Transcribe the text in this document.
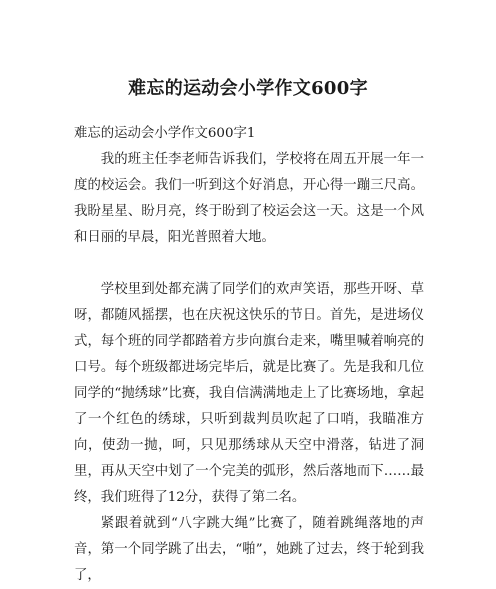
难忘的运动会小学作文600字

难忘的运动会小学作文600字1

我的班主任李老师告诉我们，学校将在周五开展一年一度的校运会。我们一听到这个好消息，开心得一蹦三尺高。我盼星星、盼月亮，终于盼到了校运会这一天。这是一个风和日丽的早晨，阳光普照着大地。

学校里到处都充满了同学们的欢声笑语，那些开呀、草呀，都随风摇摆，也在庆祝这快乐的节日。首先，是进场仪式，每个班的同学都踏着方步向旗台走来，嘴里喊着响亮的口号。每个班级都进场完毕后，就是比赛了。先是我和几位同学的“抛绣球”比赛，我自信满满地走上了比赛场地，拿起了一个红色的绣球，只听到裁判员吹起了口哨，我瞄准方向，使劲一抛，呵，只见那绣球从天空中滑落，钻进了洞里，再从天空中划了一个完美的弧形，然后落地而下……最终，我们班得了12分，获得了第二名。

紧跟着就到“八字跳大绳”比赛了，随着跳绳落地的声音，第一个同学跳了出去，“啪”，她跳了过去，终于轮到我了，
